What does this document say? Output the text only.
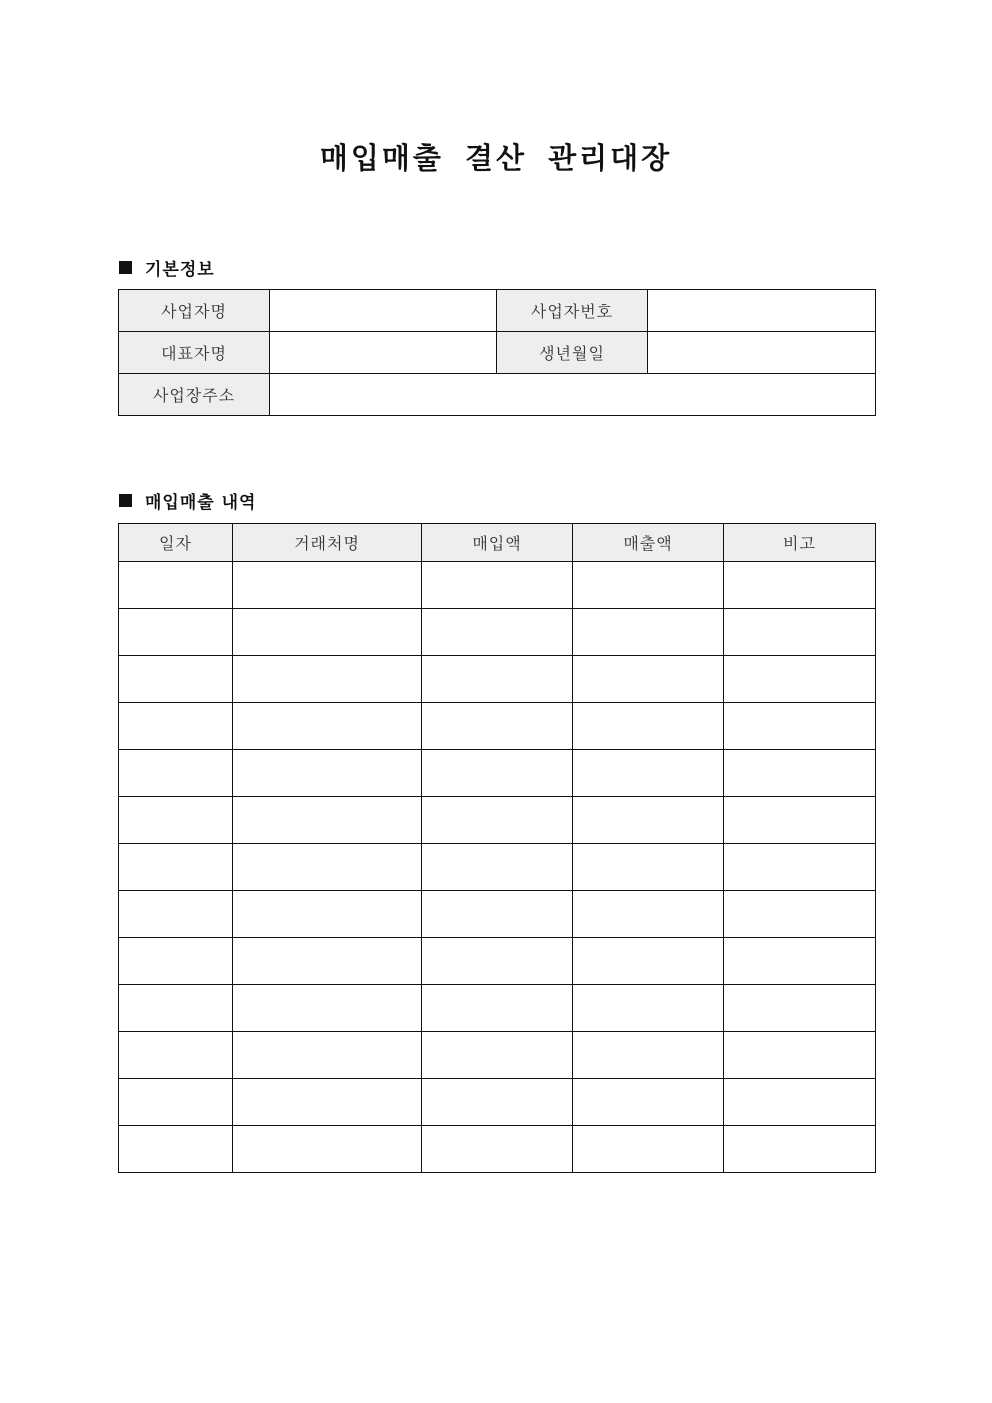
매입매출 결산 관리대장
기본정보
사업자명		사업자번호	
대표자명		생년월일	
사업장주소			
매입매출 내역
일자	거래처명	매입액	매출액	비고
